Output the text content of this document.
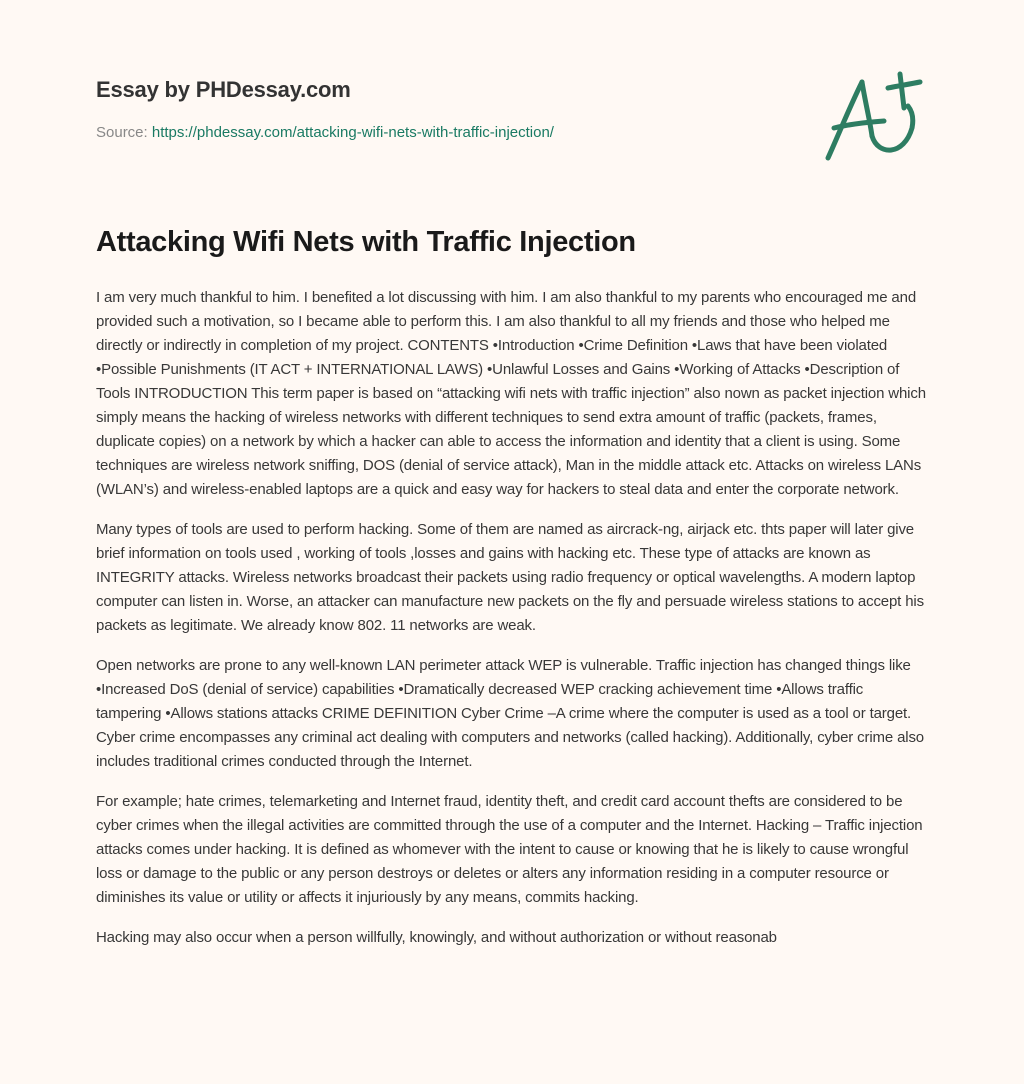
Essay by PHDessay.com

Source: https://phdessay.com/attacking-wifi-nets-with-traffic-injection/

Attacking Wifi Nets with Traffic Injection

I am very much thankful to him. I benefited a lot discussing with him. I am also thankful to my parents who encouraged me and provided such a motivation, so I became able to perform this. I am also thankful to all my friends and those who helped me directly or indirectly in completion of my project. CONTENTS •Introduction •Crime Definition •Laws that have been violated •Possible Punishments (IT ACT + INTERNATIONAL LAWS) •Unlawful Losses and Gains •Working of Attacks •Description of Tools INTRODUCTION This term paper is based on “attacking wifi nets with traffic injection” also nown as packet injection which simply means the hacking of wireless networks with different techniques to send extra amount of traffic (packets, frames, duplicate copies) on a network by which a hacker can able to access the information and identity that a client is using. Some techniques are wireless network sniffing, DOS (denial of service attack), Man in the middle attack etc. Attacks on wireless LANs (WLAN’s) and wireless-enabled laptops are a quick and easy way for hackers to steal data and enter the corporate network.

Many types of tools are used to perform hacking. Some of them are named as aircrack-ng, airjack etc. thts paper will later give brief information on tools used , working of tools ,losses and gains with hacking etc. These type of attacks are known as INTEGRITY attacks. Wireless networks broadcast their packets using radio frequency or optical wavelengths. A modern laptop computer can listen in. Worse, an attacker can manufacture new packets on the fly and persuade wireless stations to accept his packets as legitimate. We already know 802. 11 networks are weak.

Open networks are prone to any well-known LAN perimeter attack WEP is vulnerable. Traffic injection has changed things like •Increased DoS (denial of service) capabilities •Dramatically decreased WEP cracking achievement time •Allows traffic tampering •Allows stations attacks CRIME DEFINITION Cyber Crime –A crime where the computer is used as a tool or target. Cyber crime encompasses any criminal act dealing with computers and networks (called hacking). Additionally, cyber crime also includes traditional crimes conducted through the Internet.

For example; hate crimes, telemarketing and Internet fraud, identity theft, and credit card account thefts are considered to be cyber crimes when the illegal activities are committed through the use of a computer and the Internet. Hacking – Traffic injection attacks comes under hacking. It is defined as whomever with the intent to cause or knowing that he is likely to cause wrongful loss or damage to the public or any person destroys or deletes or alters any information residing in a computer resource or diminishes its value or utility or affects it injuriously by any means, commits hacking.

Hacking may also occur when a person willfully, knowingly, and without authorization or without reasonab
